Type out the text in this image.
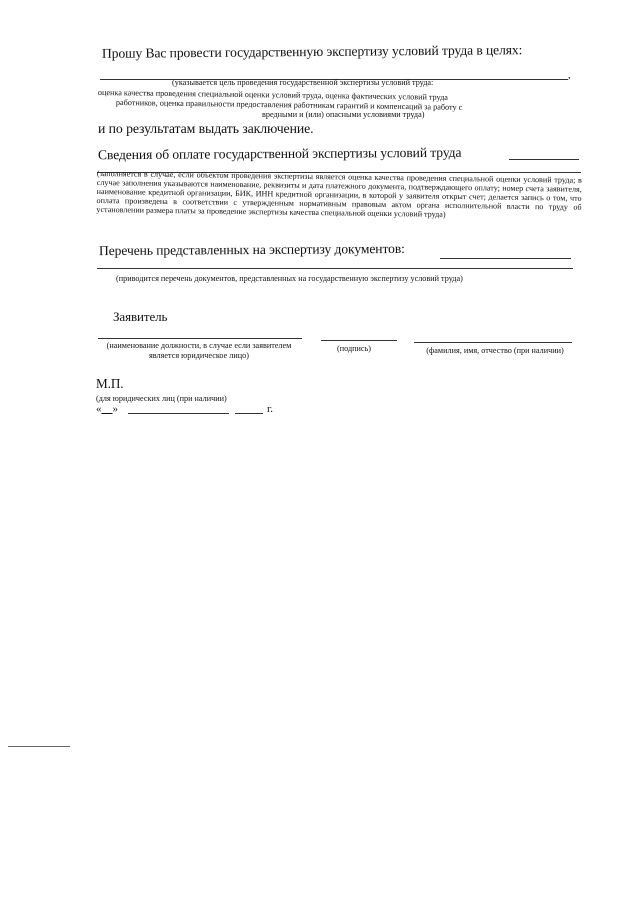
Прошу Вас провести государственную экспертизу условий труда в целях:
,
(указывается цель проведения государственной экспертизы условий труда:
оценка качества проведения специальной оценки условий труда, оценка фактических условий труда
работников, оценка правильности предоставления работникам гарантий и компенсаций за работу с
вредными и (или) опасными условиями труда)
и по результатам выдать заключение.
Сведения об оплате государственной экспертизы условий труда
(заполняется в случае, если объектом проведения экспертизы является оценка качества проведения специальной оценки условий труда; в случае заполнения указываются наименование, реквизиты и дата платежного документа, подтверждающего оплату; номер счета заявителя, наименование кредитной организации, БИК, ИНН кредитной организации, в которой у заявителя открыт счет; делается запись о том, что оплата произведена в соответствии с утвержденным нормативным правовым актом органа исполнительной власти по труду об установлении размера платы за проведение экспертизы качества специальной оценки условий труда)
Перечень представленных на экспертизу документов:
(приводится перечень документов, представленных на государственную экспертизу условий труда)
Заявитель
(наименование должности, в случае если заявителем является юридическое лицо)
(подпись)	(фамилия, имя, отчество (при наличии)
М.П.
(для юридических лиц (при наличии)
«__»	г.
